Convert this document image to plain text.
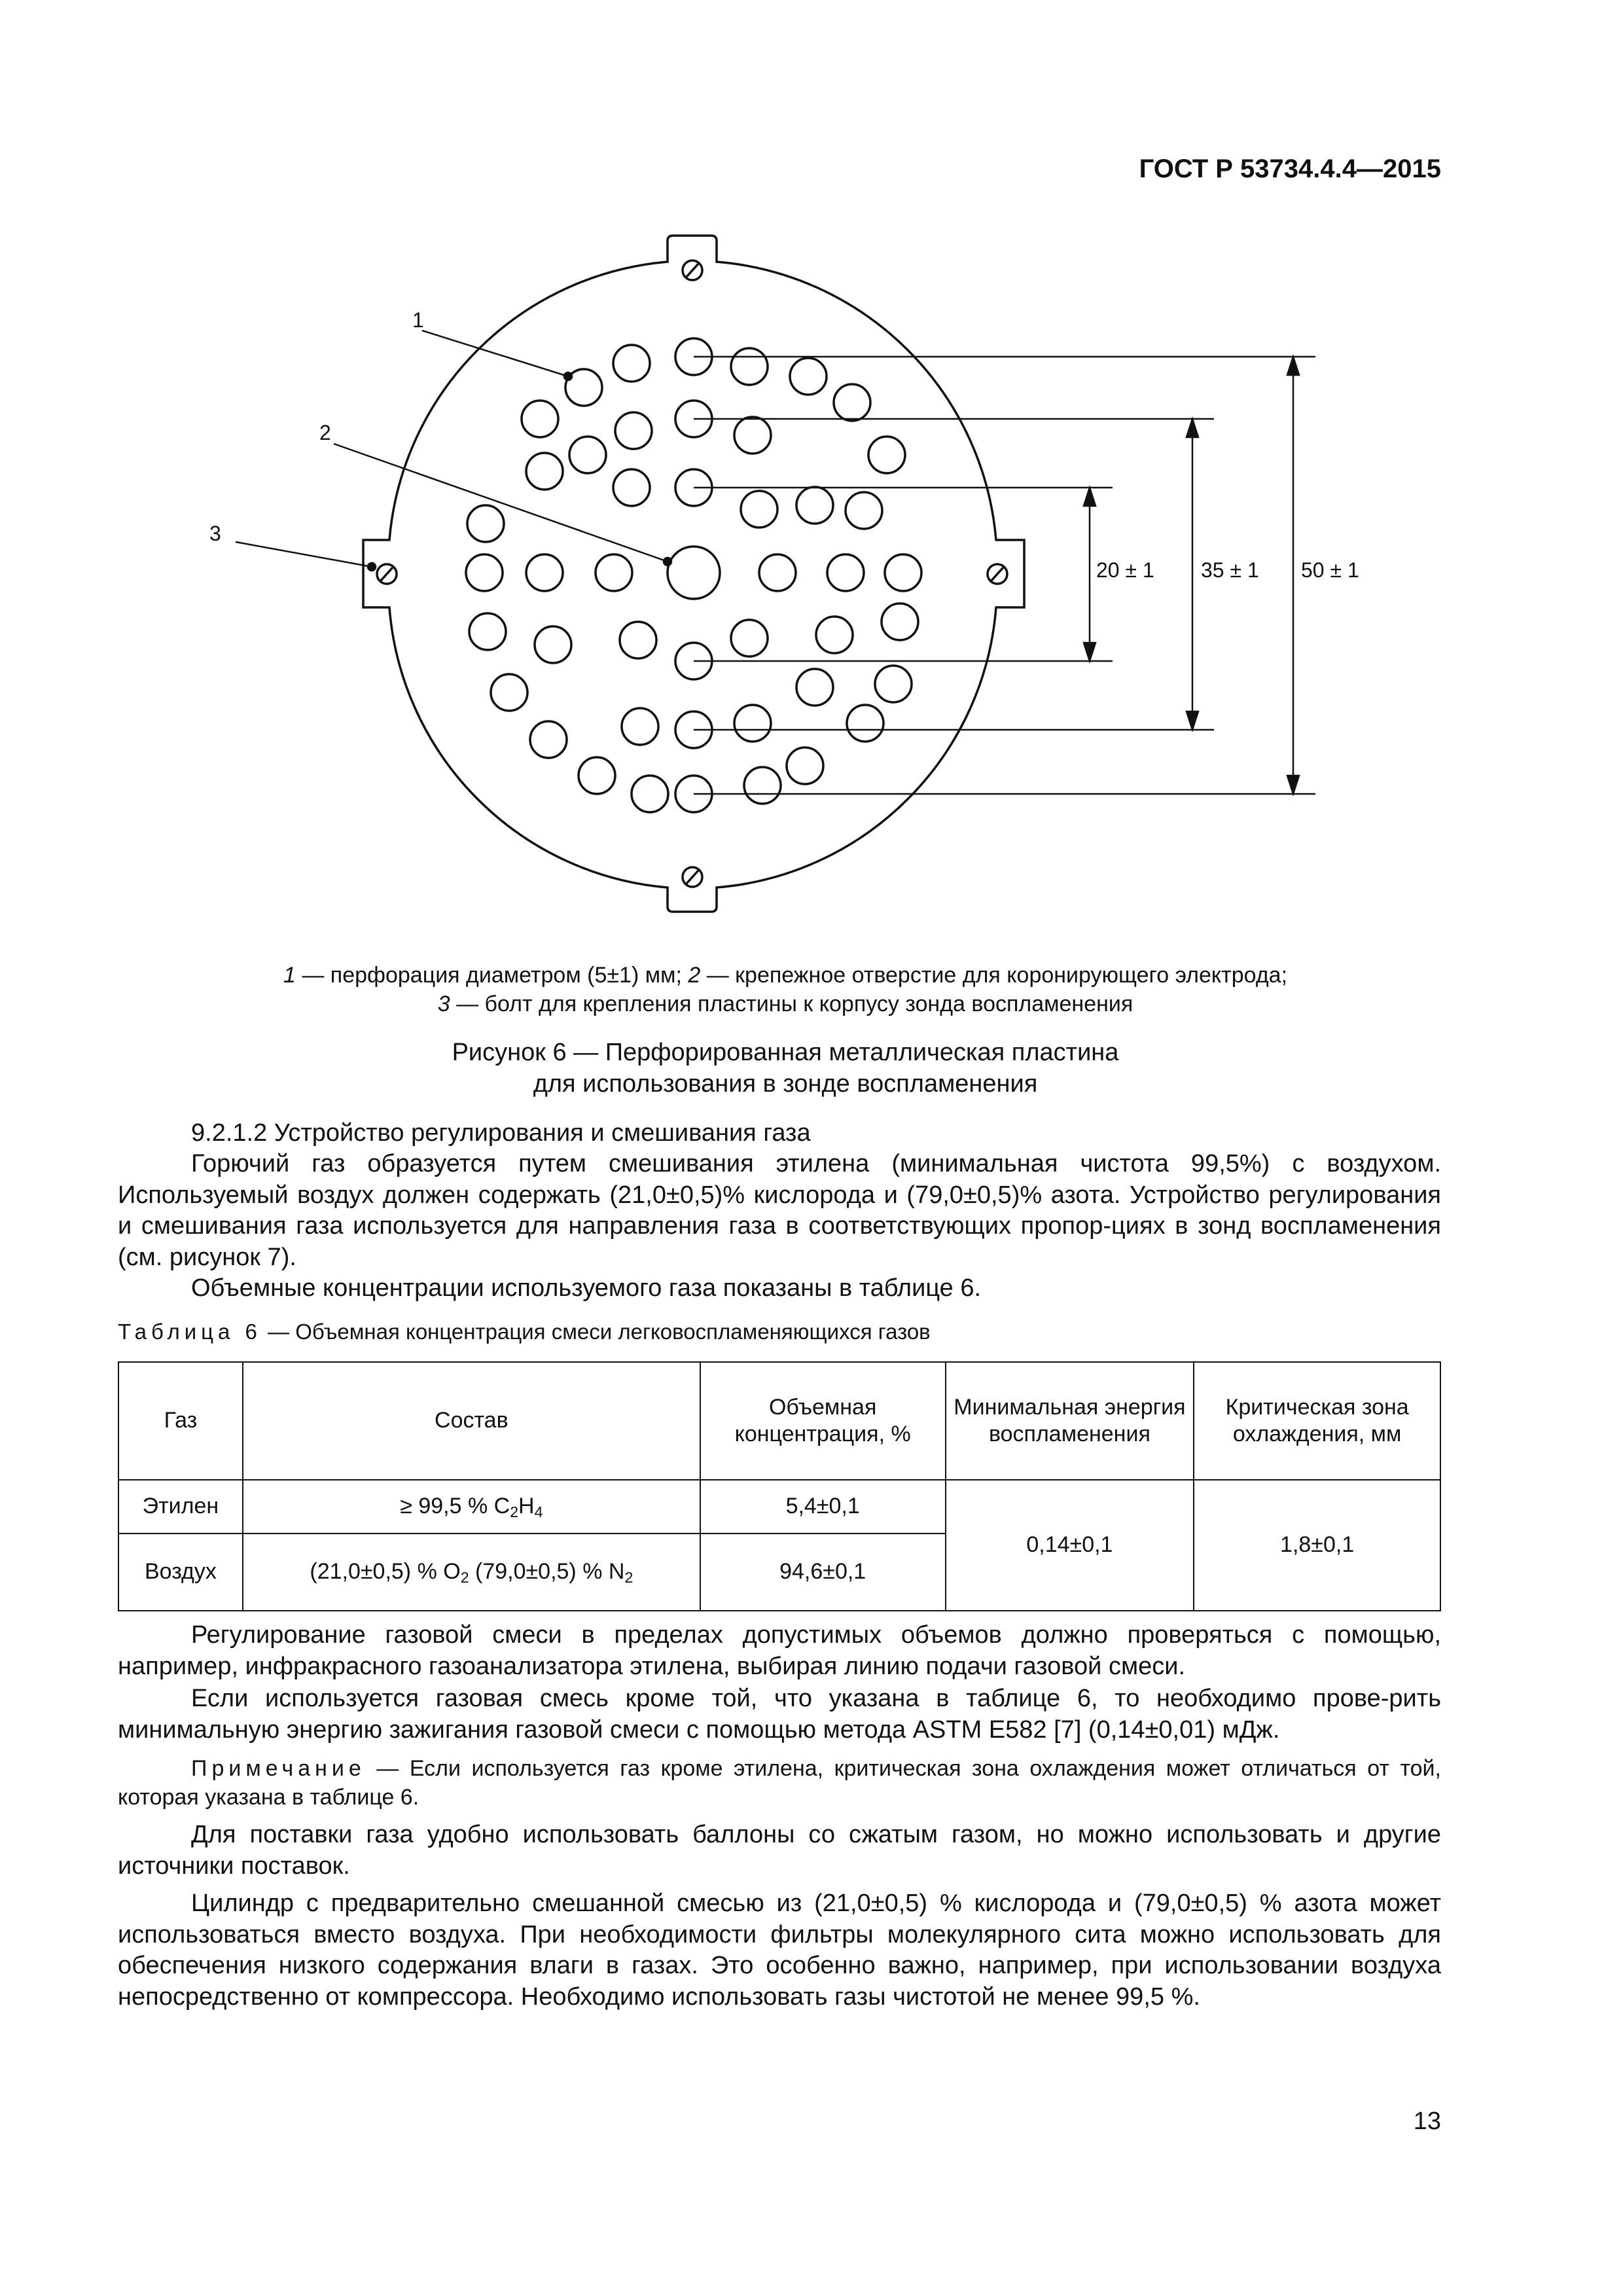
ГОСТ Р 53734.4.4—2015
1
2
3
20 ± 1 35 ± 1 50 ± 1
1 — перфорация диаметром (5±1) мм; 2 — крепежное отверстие для коронирующего электрода;
3 — болт для крепления пластины к корпусу зонда воспламенения
Рисунок 6 — Перфорированная металлическая пластина
для использования в зонде воспламенения

9.2.1.2 Устройство регулирования и смешивания газа

Горючий газ образуется путем смешивания этилена (минимальная чистота 99,5%) с воздухом. Используемый воздух должен содержать (21,0±0,5)% кислорода и (79,0±0,5)% азота. Устройство регулирования и смешивания газа используется для направления газа в соответствующих пропор-циях в зонд воспламенения (см. рисунок 7).

Объемные концентрации используемого газа показаны в таблице 6.

Таблица 6 — Объемная концентрация смеси легковоспламеняющихся газов
Газ	Состав	Объемная концентрация, %	Минимальная энергия воспламенения	Критическая зона охлаждения, мм
Этилен	≥ 99,5 % $C_2H_4$	5,4±0,1	0,14±0,1	1,8±0,1
Воздух	(21,0±0,5) % $O_2$ (79,0±0,5) % $N_2$	94,6±0,1		

Регулирование газовой смеси в пределах допустимых объемов должно проверяться с помощью, например, инфракрасного газоанализатора этилена, выбирая линию подачи газовой смеси.

Если используется газовая смесь кроме той, что указана в таблице 6, то необходимо прове-рить минимальную энергию зажигания газовой смеси с помощью метода ASTM E582 [7] (0,14±0,01) мДж.

Примечание — Если используется газ кроме этилена, критическая зона охлаждения может отличаться от той, которая указана в таблице 6.

Для поставки газа удобно использовать баллоны со сжатым газом, но можно использовать и другие источники поставок.

Цилиндр с предварительно смешанной смесью из (21,0±0,5) % кислорода и (79,0±0,5) % азота может использоваться вместо воздуха. При необходимости фильтры молекулярного сита можно использовать для обеспечения низкого содержания влаги в газах. Это особенно важно, например, при использовании воздуха непосредственно от компрессора. Необходимо использовать газы чистотой не менее 99,5 %.

13
